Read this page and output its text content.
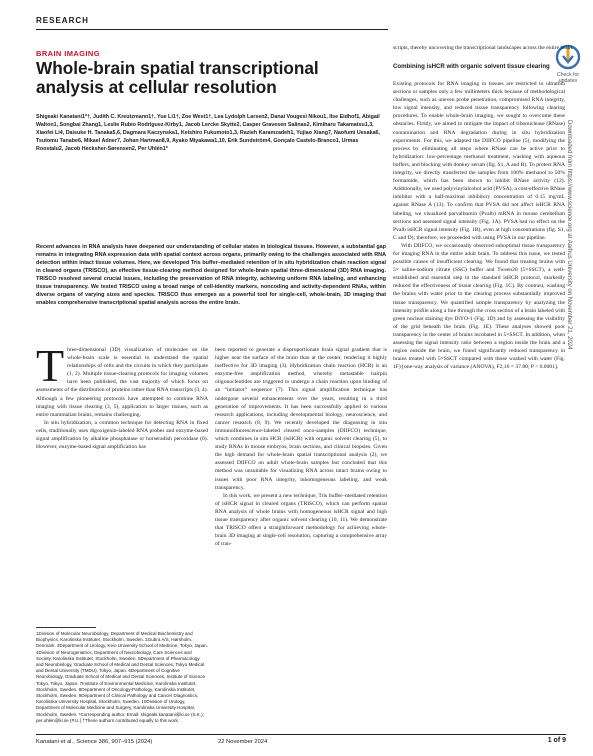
RESEARCH
Check for updates
BRAIN IMAGING
Whole-brain spatial transcriptional analysis at cellular resolution
Shigeaki Kanatani1*†, Judith C. Kreutzmann1†, Yue Li1†, Zoe West1†, Lea Lydolph Larsen2, Danai Vougesi Nikou1, Ilse Eidhof1, Abigail Walton1, Songbai Zhang1, Leslie Rubio Rodriguez-Kirby1, Jacob Lercke Skytte2, Casper Gravesen Salinas2, Kimiharu Takamatsu1,3, Xiaofei Li4, Daisuke H. Tanaka5,6, Dagmara Kaczynska1, Keishiro Fukumoto1,3, Razieh Karamzadeh1, Yujiao Xiang7, Naofumi Uesaka6, Tsutomu Tanabe6, Mikael Adner7, Johan Hartman8,9, Ayako Miyakawa1,10, Erik Sundström4, Gonçalo Castelo-Branco1, Urmas Roostalu2, Jacob Hecksher-Sørensen2, Per Uhlén1*
Recent advances in RNA analysis have deepened our understanding of cellular states in biological tissues. However, a substantial gap remains in integrating RNA expression data with spatial context across organs, primarily owing to the challenges associated with RNA detection within intact tissue volumes. Here, we developed Tris buffer–mediated retention of in situ hybridization chain reaction signal in cleared organs (TRISCO), an effective tissue-clearing method designed for whole-brain spatial three-dimensional (3D) RNA imaging. TRISCO resolved several crucial issues, including the preservation of RNA integrity, achieving uniform RNA labeling, and enhancing tissue transparency. We tested TRISCO using a broad range of cell-identity markers, noncoding and activity-dependent RNAs, within diverse organs of varying sizes and species. TRISCO thus emerges as a powerful tool for single-cell, whole-brain, 3D imaging that enables comprehensive transcriptional spatial analysis across the entire brain.
T hree-dimensional (3D) visualization of molecules on the whole-brain scale is essential to understand the spatial relationships of cells and the circuits in which they participate (1, 2). Multiple tissue-clearing protocols for imaging volumes have been published, the vast majority of which focus on assessments of the distribution of proteins rather than RNA transcripts (3, 4). Although a few pioneering protocols have attempted to combine RNA imaging with tissue clearing (3, 5), application to larger tissues, such as entire mammalian brains, remains challenging.

In situ hybridization, a common technique for detecting RNA in fixed cells, traditionally uses digoxigenin-labeled RNA probes and enzyme-based signal amplification by alkaline phosphatase or horseradish peroxidase (6). However, enzyme-based signal amplification has

1Division of Molecular Neurobiology, Department of Medical Biochemistry and Biophysics, Karolinska Institutet, Stockholm, Sweden. 2Gubra A/S, Hørsholm, Denmark. 3Department of Urology, Keio University School of Medicine, Tokyo, Japan. 4Division of Neurogeriatrics, Department of Neurobiology, Care Sciences and Society, Karolinska Institutet, Stockholm, Sweden. 5Department of Pharmacology and Neurobiology, Graduate School of Medical and Dental Sciences, Tokyo Medical and Dental University (TMDU), Tokyo, Japan. 6Department of Cognitive Neurobiology, Graduate School of Medical and Dental Sciences, Institute of Science Tokyo, Tokyo, Japan. 7Institute of Environmental Medicine, Karolinska Institutet, Stockholm, Sweden. 8Department of Oncology-Pathology, Karolinska Institutet, Stockholm, Sweden. 9Department of Clinical Pathology and Cancer Diagnostics, Karolinska University Hospital, Stockholm, Sweden. 10Division of Urology, Department of Molecular Medicine and Surgery, Karolinska University Hospital, Stockholm, Sweden. *Corresponding author. Email: shigeaki.kanatani@ki.se (S.K.); per.uhlen@ki.se (P.U.) †These authors contributed equally to this work.

been reported to generate a disproportionate brain signal gradient that is higher near the surface of the brain than at the center, rendering it highly ineffective for 3D imaging (3). Hybridization chain reaction (HCR) is an enzyme-free amplification method, whereby metastable hairpin oligonucleotides are triggered to undergo a chain reaction upon binding of an “initiator” sequence (7). This signal amplification technique has undergone several enhancements over the years, resulting in a third generation of improvements. It has been successfully applied to various research applications, including developmental biology, neuroscience, and cancer research (8, 9). We recently developed the diagnosing in situ immunofluorescence-labeled cleared onco-samples (DIIFCO) technique, which combines in situ HCR (isHCR) with organic solvent clearing (5), to study RNAs in mouse embryos, brain sections, and clinical biopsies. Given the high demand for whole-brain spatial transcriptional analysis (2), we assessed DIIFCO on adult whole-brain samples but concluded that this method was unsuitable for visualizing RNA across intact brains owing to issues with poor RNA integrity, inhomogeneous labeling, and weak transparency.

In this work, we present a new technique, Tris buffer–mediated retention of isHCR signal in cleared organs (TRISCO), which can perform spatial RNA analysis of whole brains with homogeneous isHCR signal and high tissue transparency after organic solvent clearing (10, 11). We demonstrate that TRISCO offers a straightforward methodology for achieving whole-brain 3D imaging at single-cell resolution, capturing a comprehensive array of tran-

scripts, thereby uncovering the transcriptional landscapes across the entire brain.
Combining isHCR with organic solvent tissue clearing

Existing protocols for RNA imaging in tissues are restricted to ultrathin sections or samples only a few millimeters thick because of methodological challenges, such as uneven probe penetration, compromised RNA integrity, low signal intensity, and reduced tissue transparency following clearing procedures. To enable whole-brain imaging, we sought to overcome these obstacles. Firstly, we aimed to mitigate the impact of ribonuclease (RNase) contamination and RNA degradation during in situ hybridization experiments. For this, we adapted the DIIFCO pipeline (5), modifying the process by eliminating all steps where RNase can be active prior to hybridization: low-percentage methanol treatment, washing with aqueous buffers, and blocking with donkey serum (fig. S1, A and B). To protect RNA integrity, we directly transferred the samples from 100% methanol to 50% formamide, which has been shown to inhibit RNase activity (12). Additionally, we used polyvinylalcohol acid (PVSA), a cost-effective RNase inhibitor with a half-maximal inhibitory concentration of 0.15 mg/mL against RNase A (13). To confirm that PVSA did not affect isHCR RNA labeling, we visualized parvalbumin (Pvalb) mRNA in mouse cerebellum sections and assessed signal intensity (Fig. 1A). PVSA had no effect on the Pvalb isHCR signal intensity (Fig. 1B), even at high concentrations (fig. S1, C and D); therefore, we proceeded with using PVSA in our pipeline.

With DIIFCO, we occasionally observed suboptimal tissue transparency for imaging RNA in the entire adult brain. To address this issue, we tested possible causes of insufficient clearing. We found that treating brains with 5× saline-sodium citrate (SSC) buffer and Tween20 (5×SSCT), a well-established and essential step in the standard isHCR protocol, markedly reduced the effectiveness of tissue clearing (Fig. 1C). By contrast, washing the brains with water prior to the clearing process substantially improved tissue transparency. We quantified sample transparency by analyzing the intensity profile along a line through the cross section of a brain labeled with green nuclear staining dye DiYO-1 (Fig. 1D) and by assessing the visibility of the grid beneath the brain (Fig. 1E). These analyses showed poor transparency in the center of brains incubated in 5×SSCT. In addition, when assessing the signal intensity ratio between a region inside the brain and a region outside the brain, we found significantly reduced transparency in brains treated with 5×SSCT compared with those washed with water (Fig. 1F) [one-way analysis of variance (ANOVA), F2,16 = 37.80, P < 0.0001].

Downloaded from https://www.science.org at Aarhus University on November 21, 2024
Kanatani et al., Science 386, 907–915 (2024)	22 November 2024	1 of 9
